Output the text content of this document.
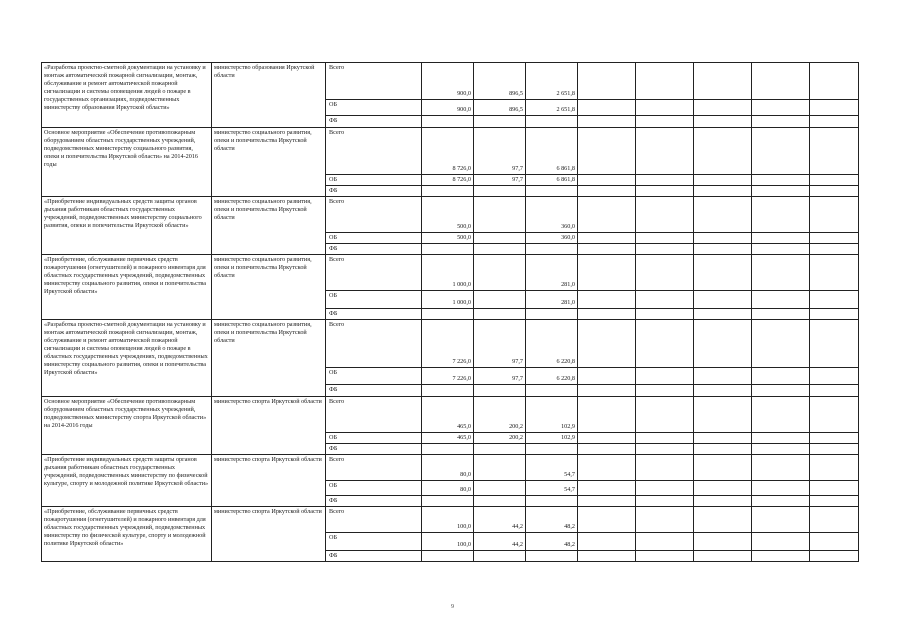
«Разработка проектно-сметной документации на установку и монтаж автоматической пожарной сигнализации, монтаж, обслуживание и ремонт автоматической пожарной сигнализации и системы оповещения людей о пожаре в государственных организациях, подведомственных министерству образования Иркутской области»	министерство образования Иркутской области	Всего	900,0	896,5	2 651,8					
		ОБ	900,0	896,5	2 651,8					
		ФБ								
Основное мероприятие «Обеспечение противопожарным оборудованием областных государственных учреждений, подведомственных министерству социального развития, опеки и попечительства Иркутской области» на 2014-2016 годы	министерство социального развития, опеки и попечительства Иркутской области	Всего	8 726,0	97,7	6 861,8					
		ОБ	8 726,0	97,7	6 861,8					
		ФБ								
«Приобретение индивидуальных средств защиты органов дыхания работникам областных государственных учреждений, подведомственных министерству социального развития, опеки и попечительства Иркутской области»	министерство социального развития, опеки и попечительства Иркутской области	Всего	500,0		360,0					
		ОБ	500,0		360,0					
		ФБ								
«Приобретение, обслуживание первичных средств пожаротушения (огнетушителей) и пожарного инвентаря для областных государственных учреждений, подведомственных министерству социального развития, опеки и попечительства Иркутской области»	министерство социального развития, опеки и попечительства Иркутской области	Всего	1 000,0		281,0					
		ОБ	1 000,0		281,0					
		ФБ								
«Разработка проектно-сметной документации на установку и монтаж автоматической пожарной сигнализации, монтаж, обслуживание и ремонт автоматической пожарной сигнализации и системы оповещения людей о пожаре в областных государственных учреждениях, подведомственных министерству социального развития, опеки и попечительства Иркутской области»	министерство социального развития, опеки и попечительства Иркутской области	Всего	7 226,0	97,7	6 220,8					
		ОБ	7 226,0	97,7	6 220,8					
		ФБ								
Основное мероприятие «Обеспечение противопожарным оборудованием областных государственных учреждений, подведомственных министерству спорта Иркутской области» на 2014-2016 годы	министерство спорта Иркутской области	Всего	465,0	200,2	102,9					
		ОБ	465,0	200,2	102,9					
		ФБ								
«Приобретение индивидуальных средств защиты органов дыхания работникам областных государственных учреждений, подведомственных министерству по физической культуре, спорту и молодежной политике Иркутской области»	министерство спорта Иркутской области	Всего	80,0		54,7					
		ОБ	80,0		54,7					
		ФБ								
«Приобретение, обслуживание первичных средств пожаротушения (огнетушителей) и пожарного инвентаря для областных государственных учреждений, подведомственных министерству по физической культуре, спорту и молодежной политике Иркутской области»	министерство спорта Иркутской области	Всего	100,0	44,2	48,2					
		ОБ	100,0	44,2	48,2					
		ФБ								
9
